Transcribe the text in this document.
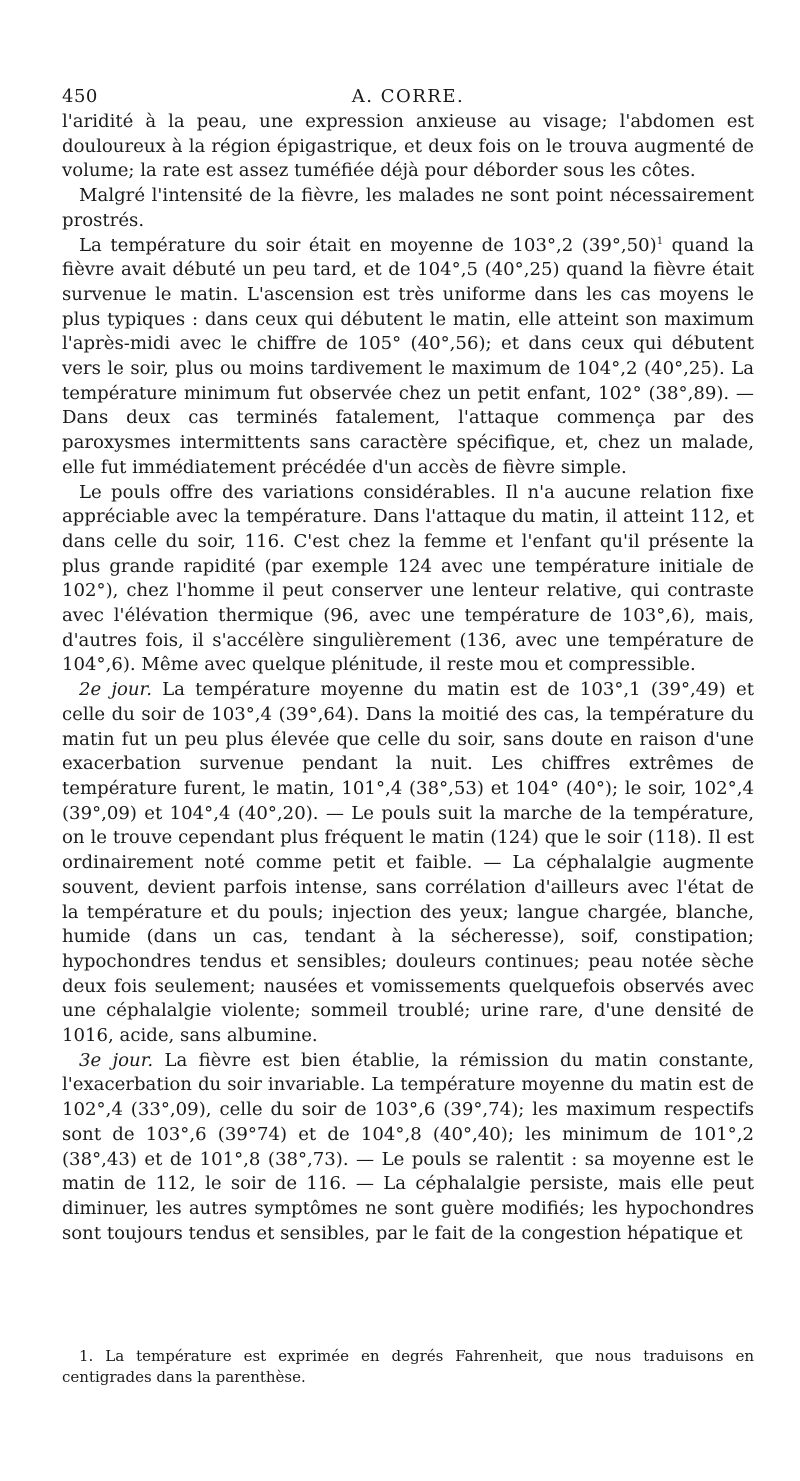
450	A. CORRE.

l'aridité à la peau, une expression anxieuse au visage; l'abdomen est douloureux à la région épigastrique, et deux fois on le trouva augmenté de volume; la rate est assez tuméfiée déjà pour déborder sous les côtes.

Malgré l'intensité de la fièvre, les malades ne sont point nécessairement prostrés.

La température du soir était en moyenne de 103°,2 (39°,50)$^1$ quand la fièvre avait débuté un peu tard, et de 104°,5 (40°,25) quand la fièvre était survenue le matin. L'ascension est très uniforme dans les cas moyens le plus typiques : dans ceux qui débutent le matin, elle atteint son maximum l'après-midi avec le chiffre de 105° (40°,56); et dans ceux qui débutent vers le soir, plus ou moins tardivement le maximum de 104°,2 (40°,25). La température minimum fut observée chez un petit enfant, 102° (38°,89). — Dans deux cas terminés fatalement, l'attaque commença par des paroxysmes intermittents sans caractère spécifique, et, chez un malade, elle fut immédiatement précédée d'un accès de fièvre simple.

Le pouls offre des variations considérables. Il n'a aucune relation fixe appréciable avec la température. Dans l'attaque du matin, il atteint 112, et dans celle du soir, 116. C'est chez la femme et l'enfant qu'il présente la plus grande rapidité (par exemple 124 avec une température initiale de 102°), chez l'homme il peut conserver une lenteur relative, qui contraste avec l'élévation thermique (96, avec une température de 103°,6), mais, d'autres fois, il s'accélère singulièrement (136, avec une température de 104°,6). Même avec quelque plénitude, il reste mou et compressible.

2e jour. La température moyenne du matin est de 103°,1 (39°,49) et celle du soir de 103°,4 (39°,64). Dans la moitié des cas, la température du matin fut un peu plus élevée que celle du soir, sans doute en raison d'une exacerbation survenue pendant la nuit. Les chiffres extrêmes de température furent, le matin, 101°,4 (38°,53) et 104° (40°); le soir, 102°,4 (39°,09) et 104°,4 (40°,20). — Le pouls suit la marche de la température, on le trouve cependant plus fréquent le matin (124) que le soir (118). Il est ordinairement noté comme petit et faible. — La céphalalgie augmente souvent, devient parfois intense, sans corrélation d'ailleurs avec l'état de la température et du pouls; injection des yeux; langue chargée, blanche, humide (dans un cas, tendant à la sécheresse), soif, constipation; hypochondres tendus et sensibles; douleurs continues; peau notée sèche deux fois seulement; nausées et vomissements quelquefois observés avec une céphalalgie violente; sommeil troublé; urine rare, d'une densité de 1016, acide, sans albumine.

3e jour. La fièvre est bien établie, la rémission du matin constante, l'exacerbation du soir invariable. La température moyenne du matin est de 102°,4 (33°,09), celle du soir de 103°,6 (39°,74); les maximum respectifs sont de 103°,6 (39°74) et de 104°,8 (40°,40); les minimum de 101°,2 (38°,43) et de 101°,8 (38°,73). — Le pouls se ralentit : sa moyenne est le matin de 112, le soir de 116. — La céphalalgie persiste, mais elle peut diminuer, les autres symptômes ne sont guère modifiés; les hypochondres sont toujours tendus et sensibles, par le fait de la congestion hépatique et

1. La température est exprimée en degrés Fahrenheit, que nous traduisons en centigrades dans la parenthèse.
